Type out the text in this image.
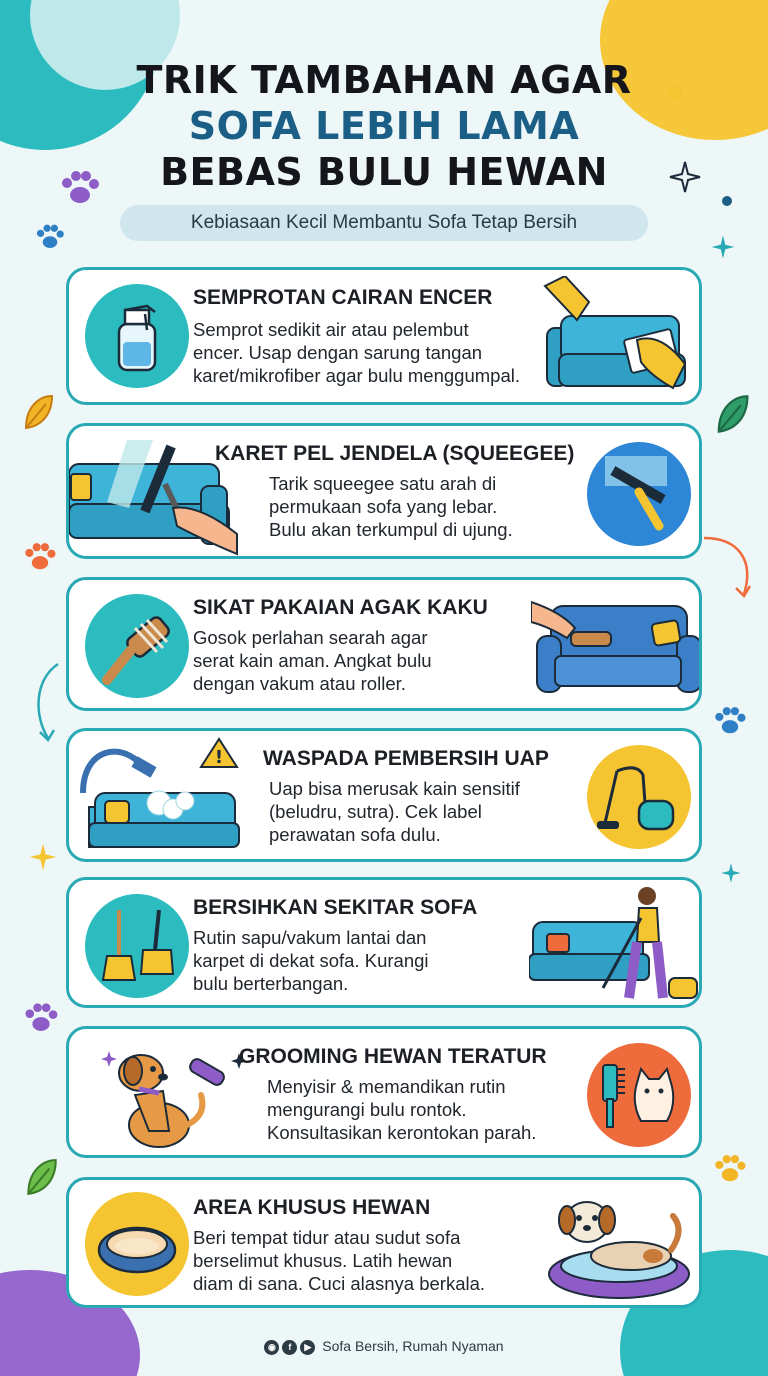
TRIK TAMBAHAN AGAR
SOFA LEBIH LAMA
BEBAS BULU HEWAN
Kebiasaan Kecil Membantu Sofa Tetap Bersih
SEMPROTAN CAIRAN ENCER
Semprot sedikit air atau pelembut
encer. Usap dengan sarung tangan
karet/mikrofiber agar bulu menggumpal.
KARET PEL JENDELA (SQUEEGEE)
Tarik squeegee satu arah di
permukaan sofa yang lebar.
Bulu akan terkumpul di ujung.
SIKAT PAKAIAN AGAK KAKU
Gosok perlahan searah agar
serat kain aman. Angkat bulu
dengan vakum atau roller.
! WASPADA PEMBERSIH UAP
Uap bisa merusak kain sensitif
(beludru, sutra). Cek label
perawatan sofa dulu.
BERSIHKAN SEKITAR SOFA
Rutin sapu/vakum lantai dan
karpet di dekat sofa. Kurangi
bulu berterbangan.
GROOMING HEWAN TERATUR
Menyisir & memandikan rutin
mengurangi bulu rontok.
Konsultasikan kerontokan parah.
AREA KHUSUS HEWAN
Beri tempat tidur atau sudut sofa
berselimut khusus. Latih hewan
diam di sana. Cuci alasnya berkala.
◉ f ▶ Sofa Bersih, Rumah Nyaman
